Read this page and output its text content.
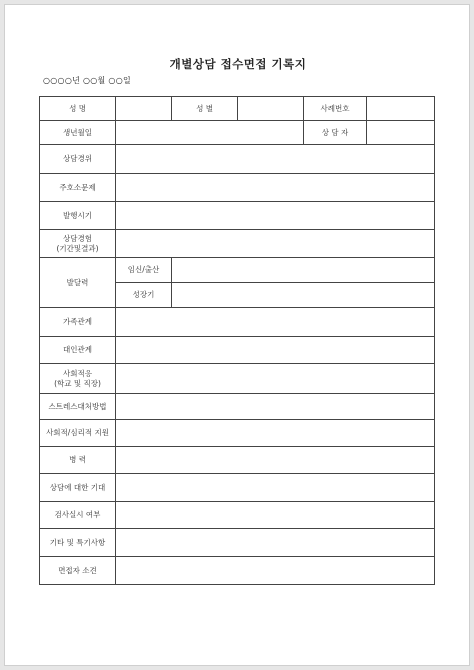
개별상담 접수면접 기록지
○○○○년 ○○월 ○○일
성 명		성 별		사례번호	
생년월일				상 담 자	
상담경위					
주호소문제					
발행시기					

상담경험
(기간및결과)					

발달력	임신/출산				
	성장기				
가족관계					
대인관계					

사회적응
(학교 및 직장)					

스트레스대처방법					
사회적/심리적 지원					
병 력					
상담에 대한 기대					
검사실시 여부					
기타 및 특기사항					
면접자 소견					
